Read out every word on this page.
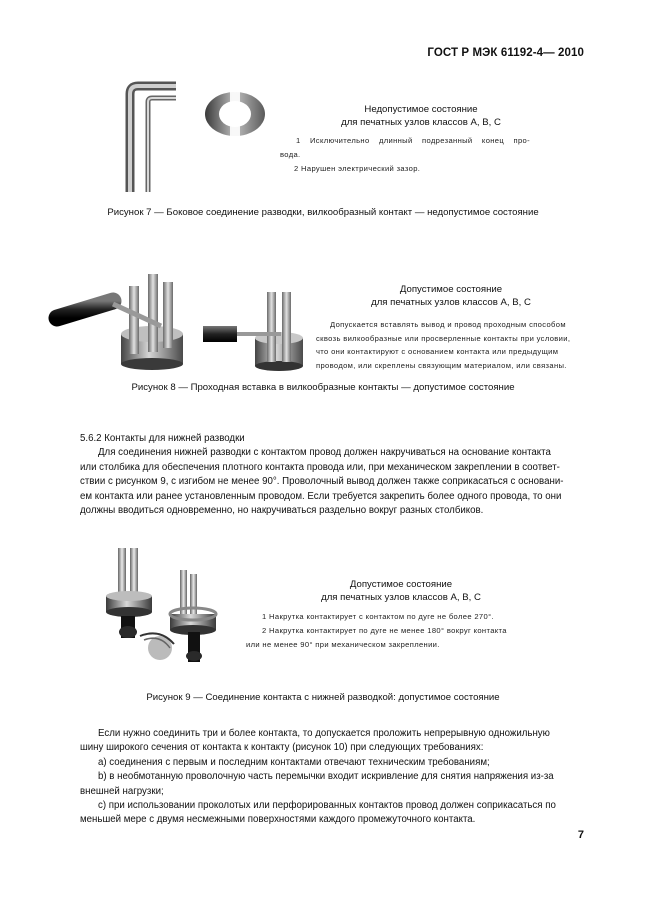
ГОСТ Р МЭК 61192-4— 2010
Недопустимое состояние
для печатных узлов классов А, В, С
1 Исключительно длинный подрезанный конец про-
вода.
2 Нарушен электрический зазор.
Рисунок 7 — Боковое соединение разводки, вилкообразный контакт — недопустимое состояние
Допустимое состояние
для печатных узлов классов А, В, С
Допускается вставлять вывод и провод проходным способом
сквозь вилкообразные или просверленные контакты при условии,
что они контактируют с основанием контакта или предыдущим
проводом, или скреплены связующим материалом, или связаны.
Рисунок 8 — Проходная вставка в вилкообразные контакты — допустимое состояние

5.6.2 Контакты для нижней разводки

Для соединения нижней разводки с контактом провод должен накручиваться на основание контакта

или столбика для обеспечения плотного контакта провода или, при механическом закреплении в соответ-

ствии с рисунком 9, с изгибом не менее 90°. Проволочный вывод должен также соприкасаться с основани-

ем контакта или ранее установленным проводом. Если требуется закрепить более одного провода, то они

должны вводиться одновременно, но накручиваться раздельно вокруг разных столбиков.

Допустимое состояние
для печатных узлов классов А, В, С
1 Накрутка контактирует с контактом по дуге не более 270°.
2 Накрутка контактирует по дуге не менее 180° вокруг контакта
или не менее 90° при механическом закреплении.
Рисунок 9 — Соединение контакта с нижней разводкой: допустимое состояние

Если нужно соединить три и более контакта, то допускается проложить непрерывную одножильную

шину широкого сечения от контакта к контакту (рисунок 10) при следующих требованиях:

а) соединения с первым и последним контактами отвечают техническим требованиям;

b) в необмотанную проволочную часть перемычки входит искривление для снятия напряжения из-за

внешней нагрузки;

c) при использовании проколотых или перфорированных контактов провод должен соприкасаться по

меньшей мере с двумя несмежными поверхностями каждого промежуточного контакта.

7
